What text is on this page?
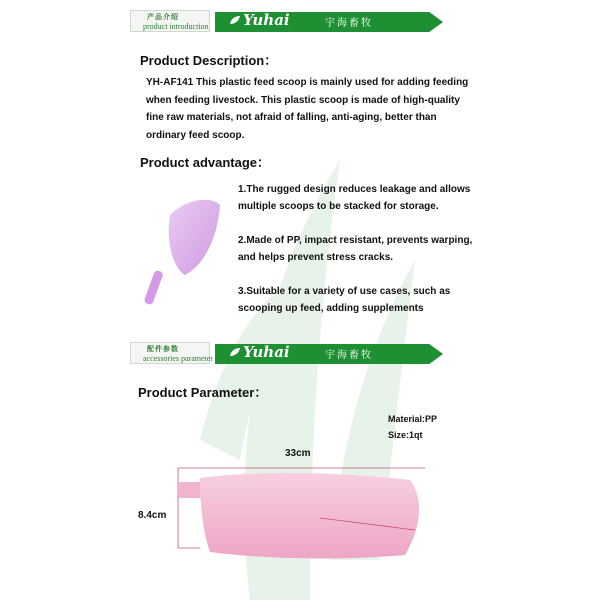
产品介绍
product introduction Yuhai	宇海畜牧
Product Description：
YH-AF141 This plastic feed scoop is mainly used for adding feeding when feeding livestock. This plastic scoop is made of high-quality fine raw materials, not afraid of falling, anti-aging, better than ordinary feed scoop.
Product advantage：
1.The rugged design reduces leakage and allows multiple scoops to be stacked for storage.
2.Made of PP, impact resistant, prevents warping, and helps prevent stress cracks.
3.Suitable for a variety of use cases, such as scooping up feed, adding supplements
配件参数
accessories parameter Yuhai	宇海畜牧
Product Parameter：
Material:PP
Size:1qt
33cm
8.4cm
